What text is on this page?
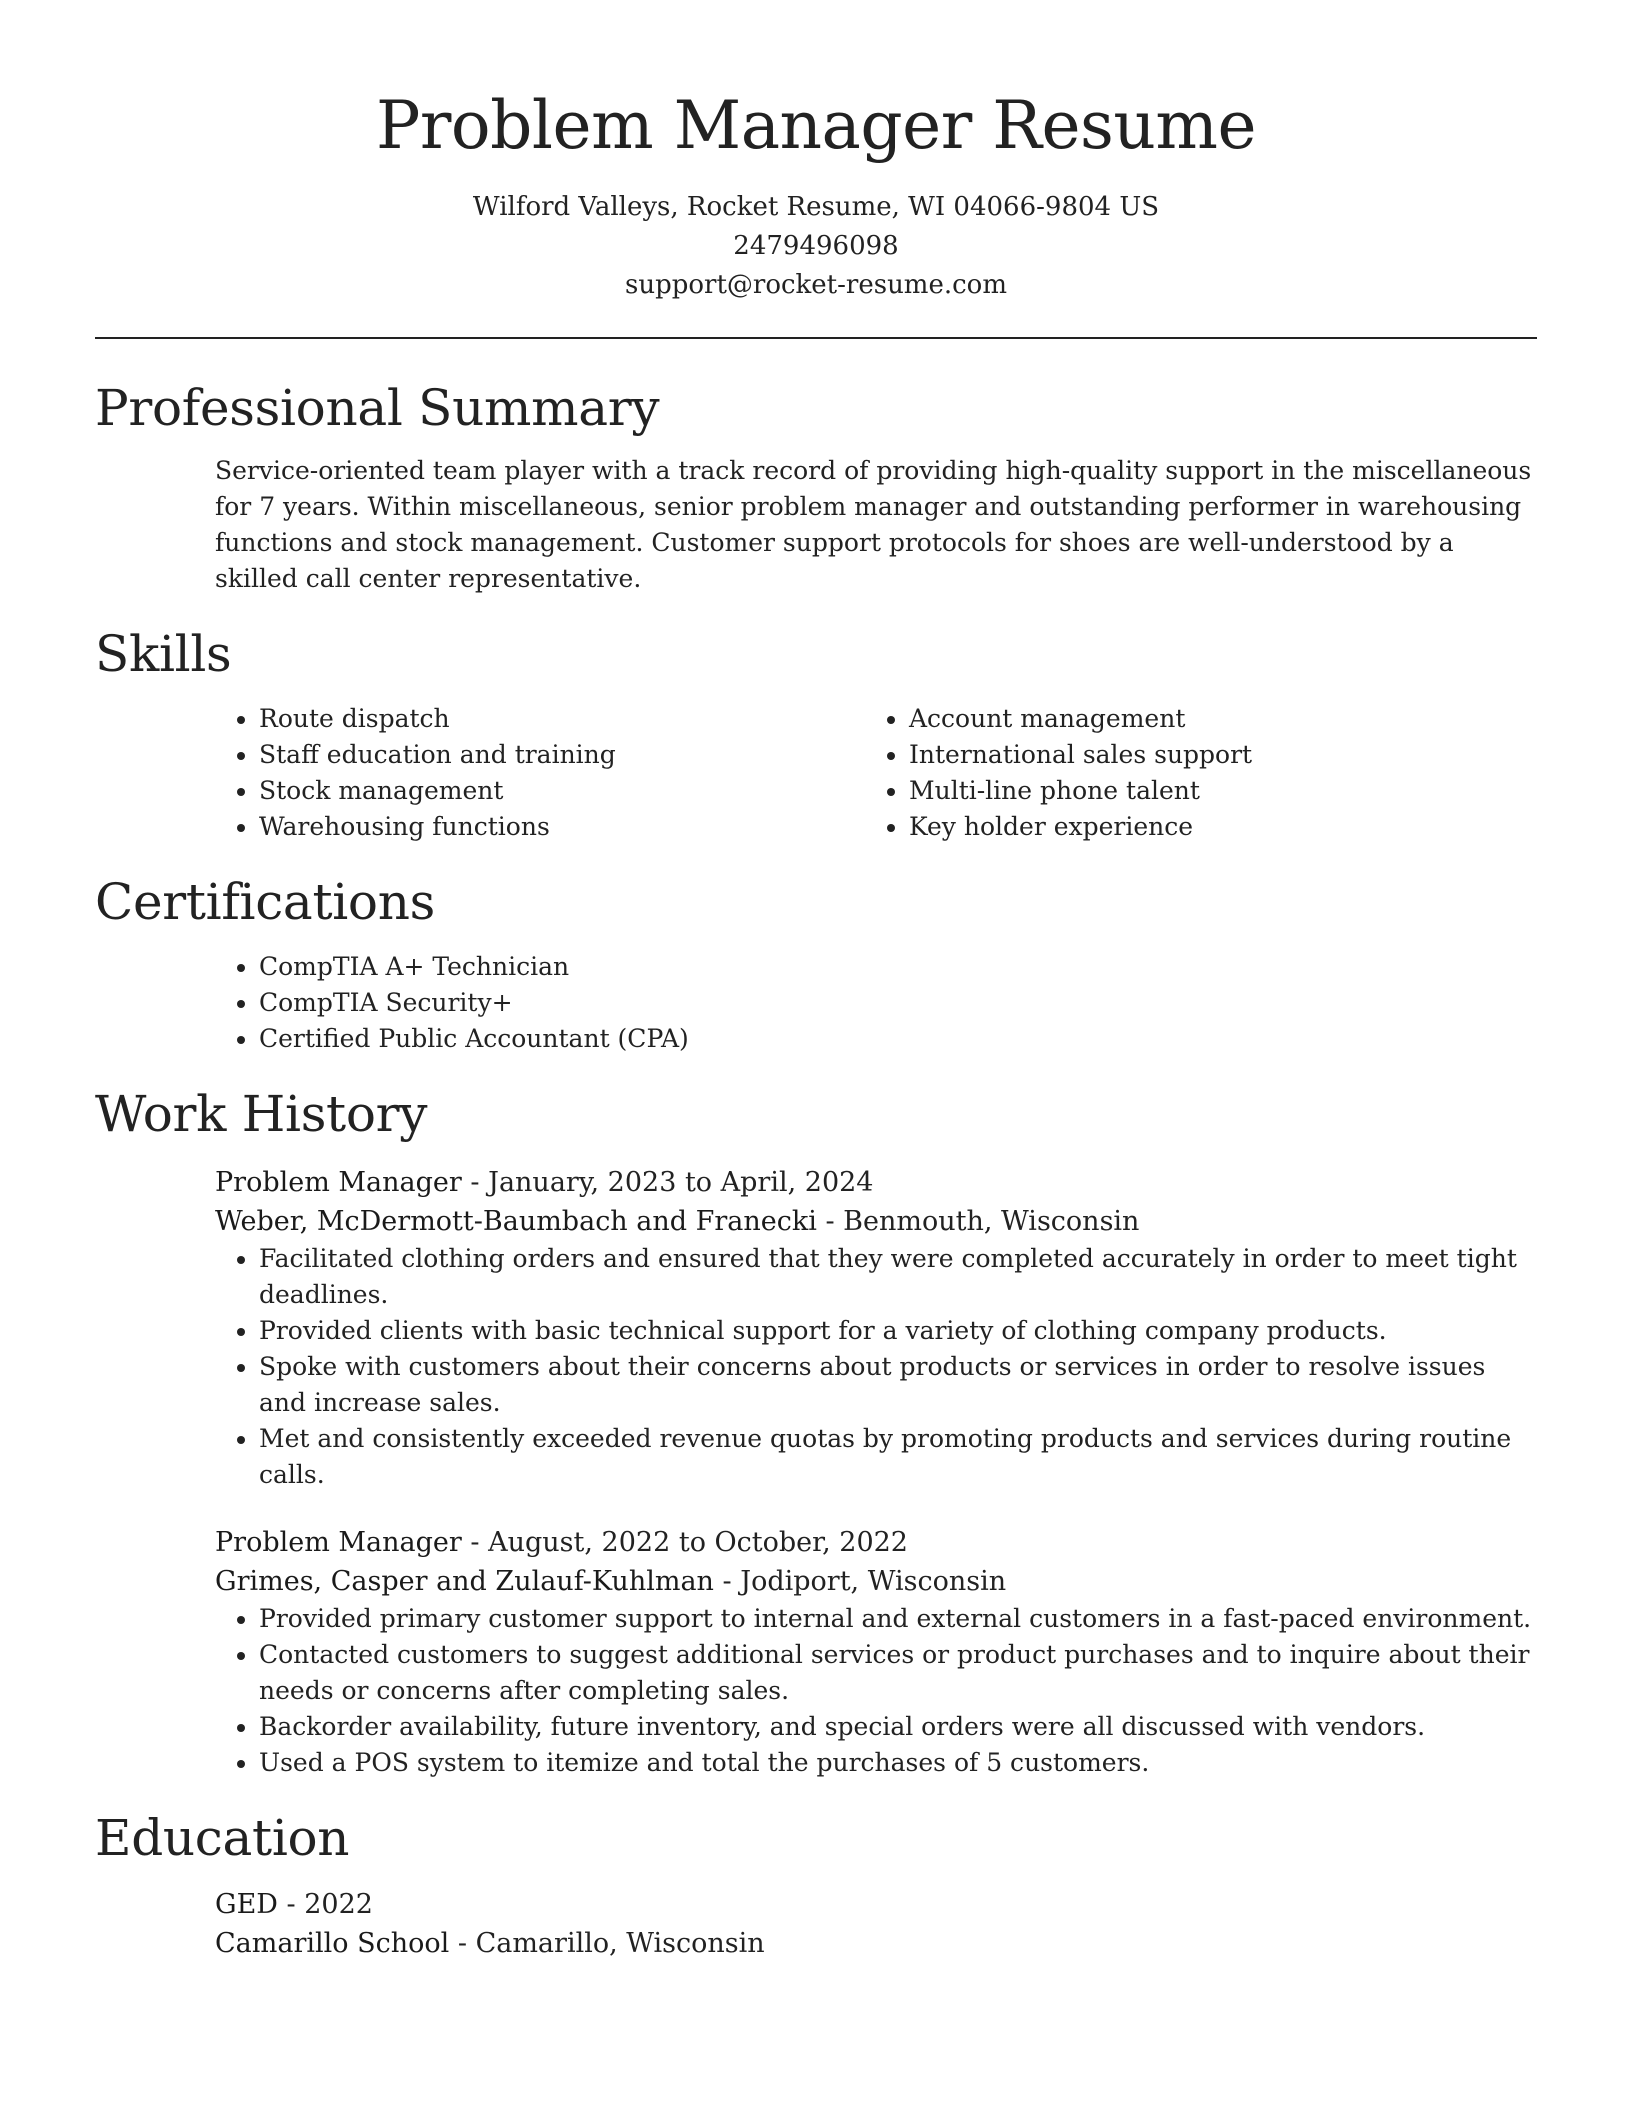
Problem Manager Resume

Wilford Valleys, Rocket Resume, WI 04066-9804 US

2479496098

support@rocket-resume.com

Professional Summary

Service-oriented team player with a track record of providing high-quality support in the miscellaneous for 7 years. Within miscellaneous, senior problem manager and outstanding performer in warehousing functions and stock management. Customer support protocols for shoes are well-understood by a skilled call center representative.

Skills
• Route dispatch
• Staff education and training
• Stock management
• Warehousing functions
• Account management
• International sales support
• Multi-line phone talent
• Key holder experience
Certifications
• CompTIA A+ Technician
• CompTIA Security+
• Certified Public Accountant (CPA)
Work History

Problem Manager - January, 2023 to April, 2024

Weber, McDermott-Baumbach and Franecki - Benmouth, Wisconsin

• Facilitated clothing orders and ensured that they were completed accurately in order to meet tight deadlines.
• Provided clients with basic technical support for a variety of clothing company products.
• Spoke with customers about their concerns about products or services in order to resolve issues and increase sales.
• Met and consistently exceeded revenue quotas by promoting products and services during routine calls.

Problem Manager - August, 2022 to October, 2022

Grimes, Casper and Zulauf-Kuhlman - Jodiport, Wisconsin

• Provided primary customer support to internal and external customers in a fast-paced environment.
• Contacted customers to suggest additional services or product purchases and to inquire about their needs or concerns after completing sales.
• Backorder availability, future inventory, and special orders were all discussed with vendors.
• Used a POS system to itemize and total the purchases of 5 customers.
Education

GED - 2022

Camarillo School - Camarillo, Wisconsin
